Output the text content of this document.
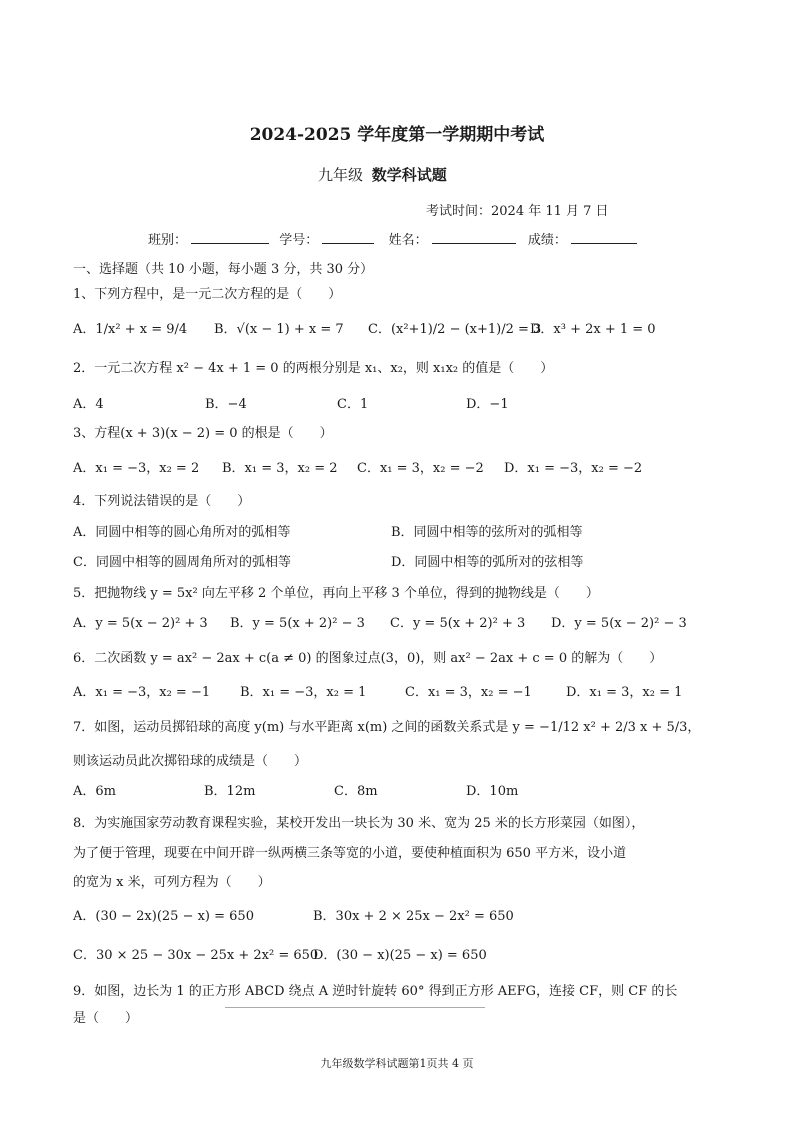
2024-2025 学年度第一学期期中考试
九年级 数学科试题
考试时间：2024 年 11 月 7 日
班别：	学号：	姓名：	成绩：
一、选择题（共 10 小题，每小题 3 分，共 30 分）
1、下列方程中，是一元二次方程的是（　　）
A．1/x² + x = 9/4 B．√(x − 1) + x = 7 C．(x²+1)/2 − (x+1)/2 = 3
D．x³ + 2x + 1 = 0
2．一元二次方程 x² − 4x + 1 = 0 的两根分别是 x₁、x₂，则 x₁x₂ 的值是（　　）
A．4	B．−4	C．1	D．−1
3、方程(x + 3)(x − 2) = 0 的根是（　　）
A．x₁ = −3，x₂ = 2 B．x₁ = 3，x₂ = 2 C．x₁ = 3，x₂ = −2 D．x₁ = −3，x₂ = −2
4．下列说法错误的是（　　）
A．同圆中相等的圆心角所对的弧相等	B．同圆中相等的弦所对的弧相等
C．同圆中相等的圆周角所对的弧相等	D．同圆中相等的弧所对的弦相等
5．把抛物线 y = 5x² 向左平移 2 个单位，再向上平移 3 个单位，得到的抛物线是（　　）
A．y = 5(x − 2)² + 3 B．y = 5(x + 2)² − 3 C．y = 5(x + 2)² + 3 D．y = 5(x − 2)² − 3
6．二次函数 y = ax² − 2ax + c(a ≠ 0) 的图象过点(3，0)，则 ax² − 2ax + c = 0 的解为（　　）
A．x₁ = −3，x₂ = −1 B．x₁ = −3，x₂ = 1	C．x₁ = 3，x₂ = −1	D．x₁ = 3，x₂ = 1
7．如图，运动员掷铅球的高度 y(m) 与水平距离 x(m) 之间的函数关系式是 y = −1/12 x² + 2/3 x + 5/3，
则该运动员此次掷铅球的成绩是（　　）
A．6m	B．12m	C．8m	D．10m
8．为实施国家劳动教育课程实验，某校开发出一块长为 30 米、宽为 25 米的长方形菜园（如图），
为了便于管理，现要在中间开辟一纵两横三条等宽的小道，要使种植面积为 650 平方米，设小道
的宽为 x 米，可列方程为（　　）
A．(30 − 2x)(25 − x) = 650	B．30x + 2 × 25x − 2x² = 650
C．30 × 25 − 30x − 25x + 2x² = 650
D．(30 − x)(25 − x) = 650
9．如图，边长为 1 的正方形 ABCD 绕点 A 逆时针旋转 60° 得到正方形 AEFG，连接 CF，则 CF 的长
是（　　）
九年级数学科试题第1页共 4 页
